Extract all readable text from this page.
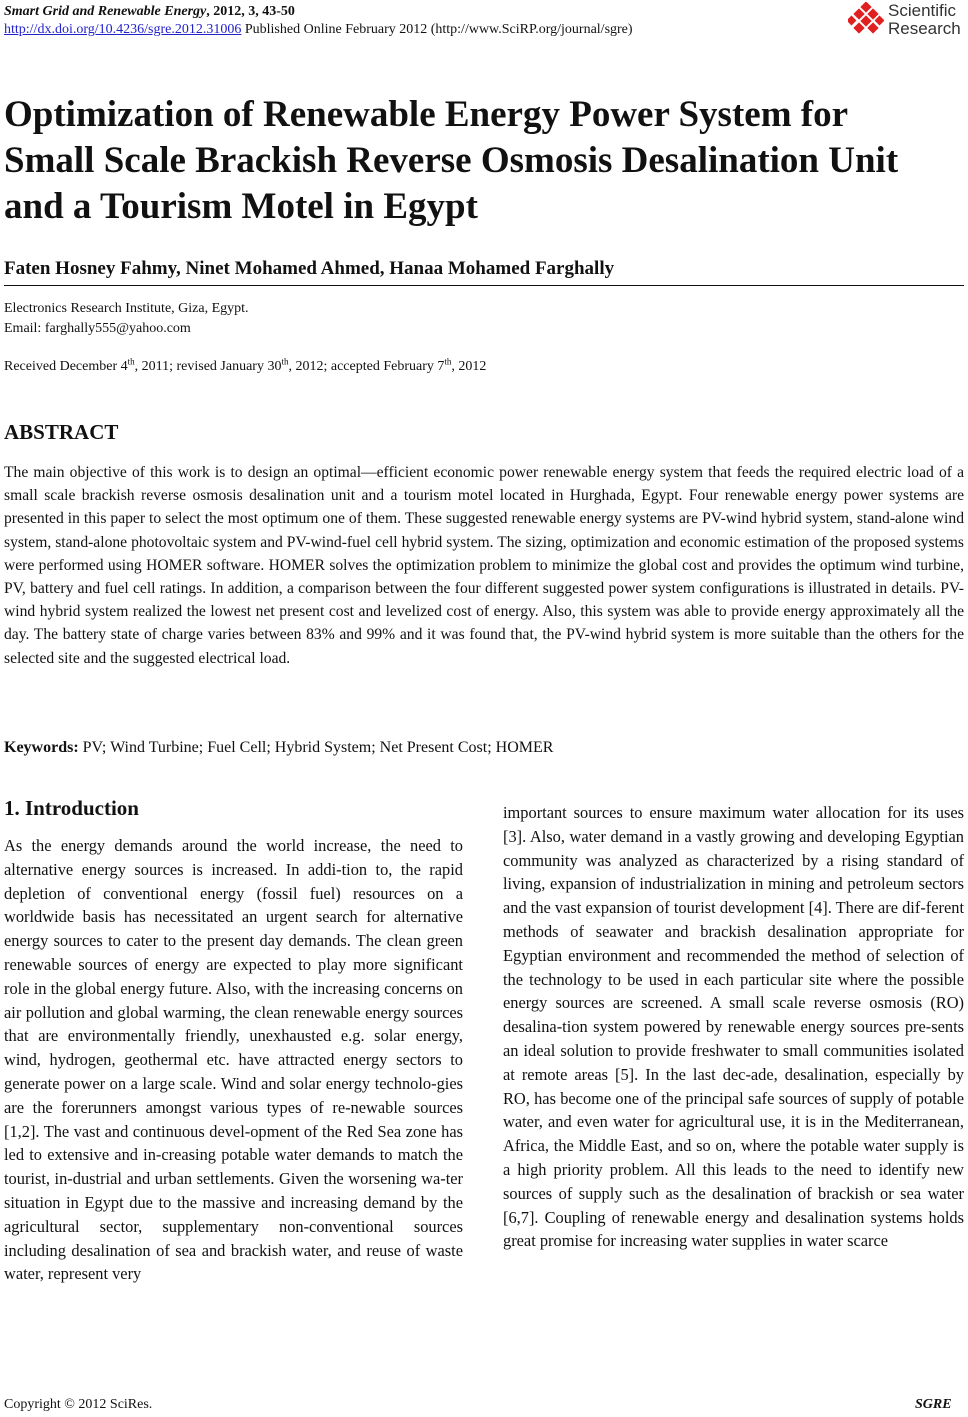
Smart Grid and Renewable Energy, 2012, 3, 43-50
http://dx.doi.org/10.4236/sgre.2012.31006 Published Online February 2012 (http://www.SciRP.org/journal/sgre)
Scientific
Research
Optimization of Renewable Energy Power System for
Small Scale Brackish Reverse Osmosis Desalination Unit
and a Tourism Motel in Egypt
Faten Hosney Fahmy, Ninet Mohamed Ahmed, Hanaa Mohamed Farghally
Electronics Research Institute, Giza, Egypt.
Email: farghally555@yahoo.com
Received December 4th, 2011; revised January 30th, 2012; accepted February 7th, 2012
ABSTRACT

The main objective of this work is to design an optimal—efficient economic power renewable energy system that feeds the required electric load of a small scale brackish reverse osmosis desalination unit and a tourism motel located in Hurghada, Egypt. Four renewable energy power systems are presented in this paper to select the most optimum one of them. These suggested renewable energy systems are PV-wind hybrid system, stand-alone wind system, stand-alone photovoltaic system and PV-wind-fuel cell hybrid system. The sizing, optimization and economic estimation of the proposed systems were performed using HOMER software. HOMER solves the optimization problem to minimize the global cost and provides the optimum wind turbine, PV, battery and fuel cell ratings. In addition, a comparison between the four different suggested power system configurations is illustrated in details. PV-wind hybrid system realized the lowest net present cost and levelized cost of energy. Also, this system was able to provide energy approximately all the day. The battery state of charge varies between 83% and 99% and it was found that, the PV-wind hybrid system is more suitable than the others for the selected site and the suggested electrical load.

Keywords: PV; Wind Turbine; Fuel Cell; Hybrid System; Net Present Cost; HOMER
1. Introduction

As the energy demands around the world increase, the need to alternative energy sources is increased. In addi-tion to, the rapid depletion of conventional energy (fossil fuel) resources on a worldwide basis has necessitated an urgent search for alternative energy sources to cater to the present day demands. The clean green renewable sources of energy are expected to play more significant role in the global energy future. Also, with the increasing concerns on air pollution and global warming, the clean renewable energy sources that are environmentally friendly, unexhausted e.g. solar energy, wind, hydrogen, geothermal etc. have attracted energy sectors to generate power on a large scale. Wind and solar energy technolo-gies are the forerunners amongst various types of re-newable sources [1,2]. The vast and continuous devel-opment of the Red Sea zone has led to extensive and in-creasing potable water demands to match the tourist, in-dustrial and urban settlements. Given the worsening wa-ter situation in Egypt due to the massive and increasing demand by the agricultural sector, supplementary non-conventional sources including desalination of sea and brackish water, and reuse of waste water, represent very

important sources to ensure maximum water allocation for its uses [3]. Also, water demand in a vastly growing and developing Egyptian community was analyzed as characterized by a rising standard of living, expansion of industrialization in mining and petroleum sectors and the vast expansion of tourist development [4]. There are dif-ferent methods of seawater and brackish desalination appropriate for Egyptian environment and recommended the method of selection of the technology to be used in each particular site where the possible energy sources are screened. A small scale reverse osmosis (RO) desalina-tion system powered by renewable energy sources pre-sents an ideal solution to provide freshwater to small communities isolated at remote areas [5]. In the last dec-ade, desalination, especially by RO, has become one of the principal safe sources of supply of potable water, and even water for agricultural use, it is in the Mediterranean, Africa, the Middle East, and so on, where the potable water supply is a high priority problem. All this leads to the need to identify new sources of supply such as the desalination of brackish or sea water [6,7]. Coupling of renewable energy and desalination systems holds great promise for increasing water supplies in water scarce

Copyright © 2012 SciRes.	SGRE
